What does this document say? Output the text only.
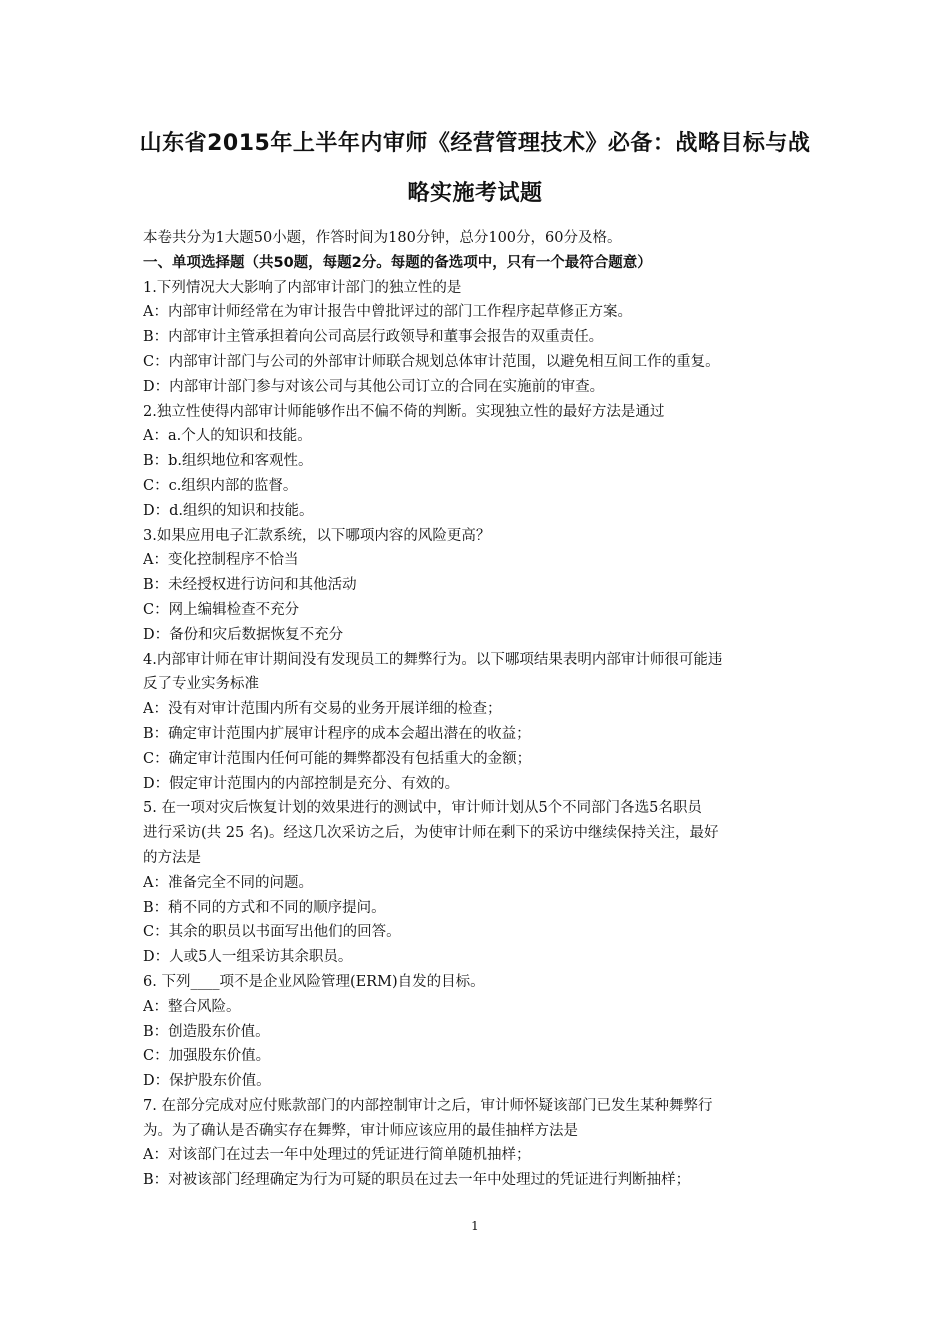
山东省2015年上半年内审师《经营管理技术》必备：战略目标与战
略实施考试题
本卷共分为1大题50小题，作答时间为180分钟，总分100分，60分及格。
一、单项选择题（共50题，每题2分。每题的备选项中，只有一个最符合题意）
1.下列情况大大影响了内部审计部门的独立性的是
A：内部审计师经常在为审计报告中曾批评过的部门工作程序起草修正方案。
B：内部审计主管承担着向公司高层行政领导和董事会报告的双重责任。
C：内部审计部门与公司的外部审计师联合规划总体审计范围，以避免相互间工作的重复。
D：内部审计部门参与对该公司与其他公司订立的合同在实施前的审查。
2.独立性使得内部审计师能够作出不偏不倚的判断。实现独立性的最好方法是通过
A：a.个人的知识和技能。
B：b.组织地位和客观性。
C：c.组织内部的监督。
D：d.组织的知识和技能。
3.如果应用电子汇款系统，以下哪项内容的风险更高？
A：变化控制程序不恰当
B：未经授权进行访问和其他活动
C：网上编辑检查不充分
D：备份和灾后数据恢复不充分
4.内部审计师在审计期间没有发现员工的舞弊行为。以下哪项结果表明内部审计师很可能违
反了专业实务标准
A：没有对审计范围内所有交易的业务开展详细的检查；
B：确定审计范围内扩展审计程序的成本会超出潜在的收益；
C：确定审计范围内任何可能的舞弊都没有包括重大的金额；
D：假定审计范围内的内部控制是充分、有效的。
5. 在一项对灾后恢复计划的效果进行的测试中，审计师计划从5个不同部门各选5名职员
进行采访(共 25 名)。经这几次采访之后，为使审计师在剩下的采访中继续保持关注，最好
的方法是
A：准备完全不同的问题。
B：稍不同的方式和不同的顺序提问。
C：其余的职员以书面写出他们的回答。
D：人或5人一组采访其余职员。
6. 下列____项不是企业风险管理(ERM)自发的目标。
A：整合风险。
B：创造股东价值。
C：加强股东价值。
D：保护股东价值。
7. 在部分完成对应付账款部门的内部控制审计之后，审计师怀疑该部门已发生某种舞弊行
为。为了确认是否确实存在舞弊，审计师应该应用的最佳抽样方法是
A：对该部门在过去一年中处理过的凭证进行简单随机抽样；
B：对被该部门经理确定为行为可疑的职员在过去一年中处理过的凭证进行判断抽样；
1
